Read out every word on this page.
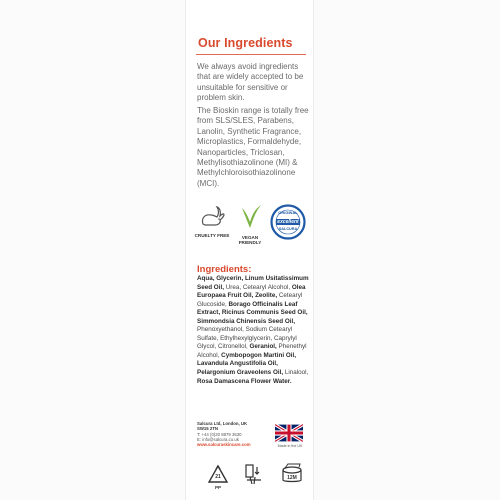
Our Ingredients
We always avoid ingredients that are widely accepted to be unsuitable for sensitive or problem skin.
The Bioskin range is totally free from SLS/SLES, Parabens, Lanolin, Synthetic Fragrance, Microplastics, Formaldehyde, Nanoparticles, Triclosan, Methylisothiazolinone (MI) & Methylchloroisothiazolinone (MCI).
CRUELTY FREE	VEGAN FRIENDLY
ORIGINAL
excellent
SALCURA
Ingredients:
Aqua, Glycerin, Linum Usitatissimum Seed Oil, Urea, Cetearyl Alcohol, Olea Europaea Fruit Oil, Zeolite, Cetearyl Glucoside, Borago Officinalis Leaf Extract, Ricinus Communis Seed Oil, Simmondsia Chinensis Seed Oil, Phenoxyethanol, Sodium Cetearyl Sulfate, Ethylhexylglycerin, Caprylyl Glycol, Citronellol, Geraniol, Phenethyl Alcohol, Cymbopogon Martini Oil, Lavandula Angustifolia Oil, Pelargonium Graveolens Oil, Linalool, Rosa Damascena Flower Water.
Salcura Ltd, London, UK
SW15 2TN
T: +44 (0)20 8879 3530
E: info@salcura.co.uk
www.salcuraskincare.com	Made in the UK
21
PP
12M
